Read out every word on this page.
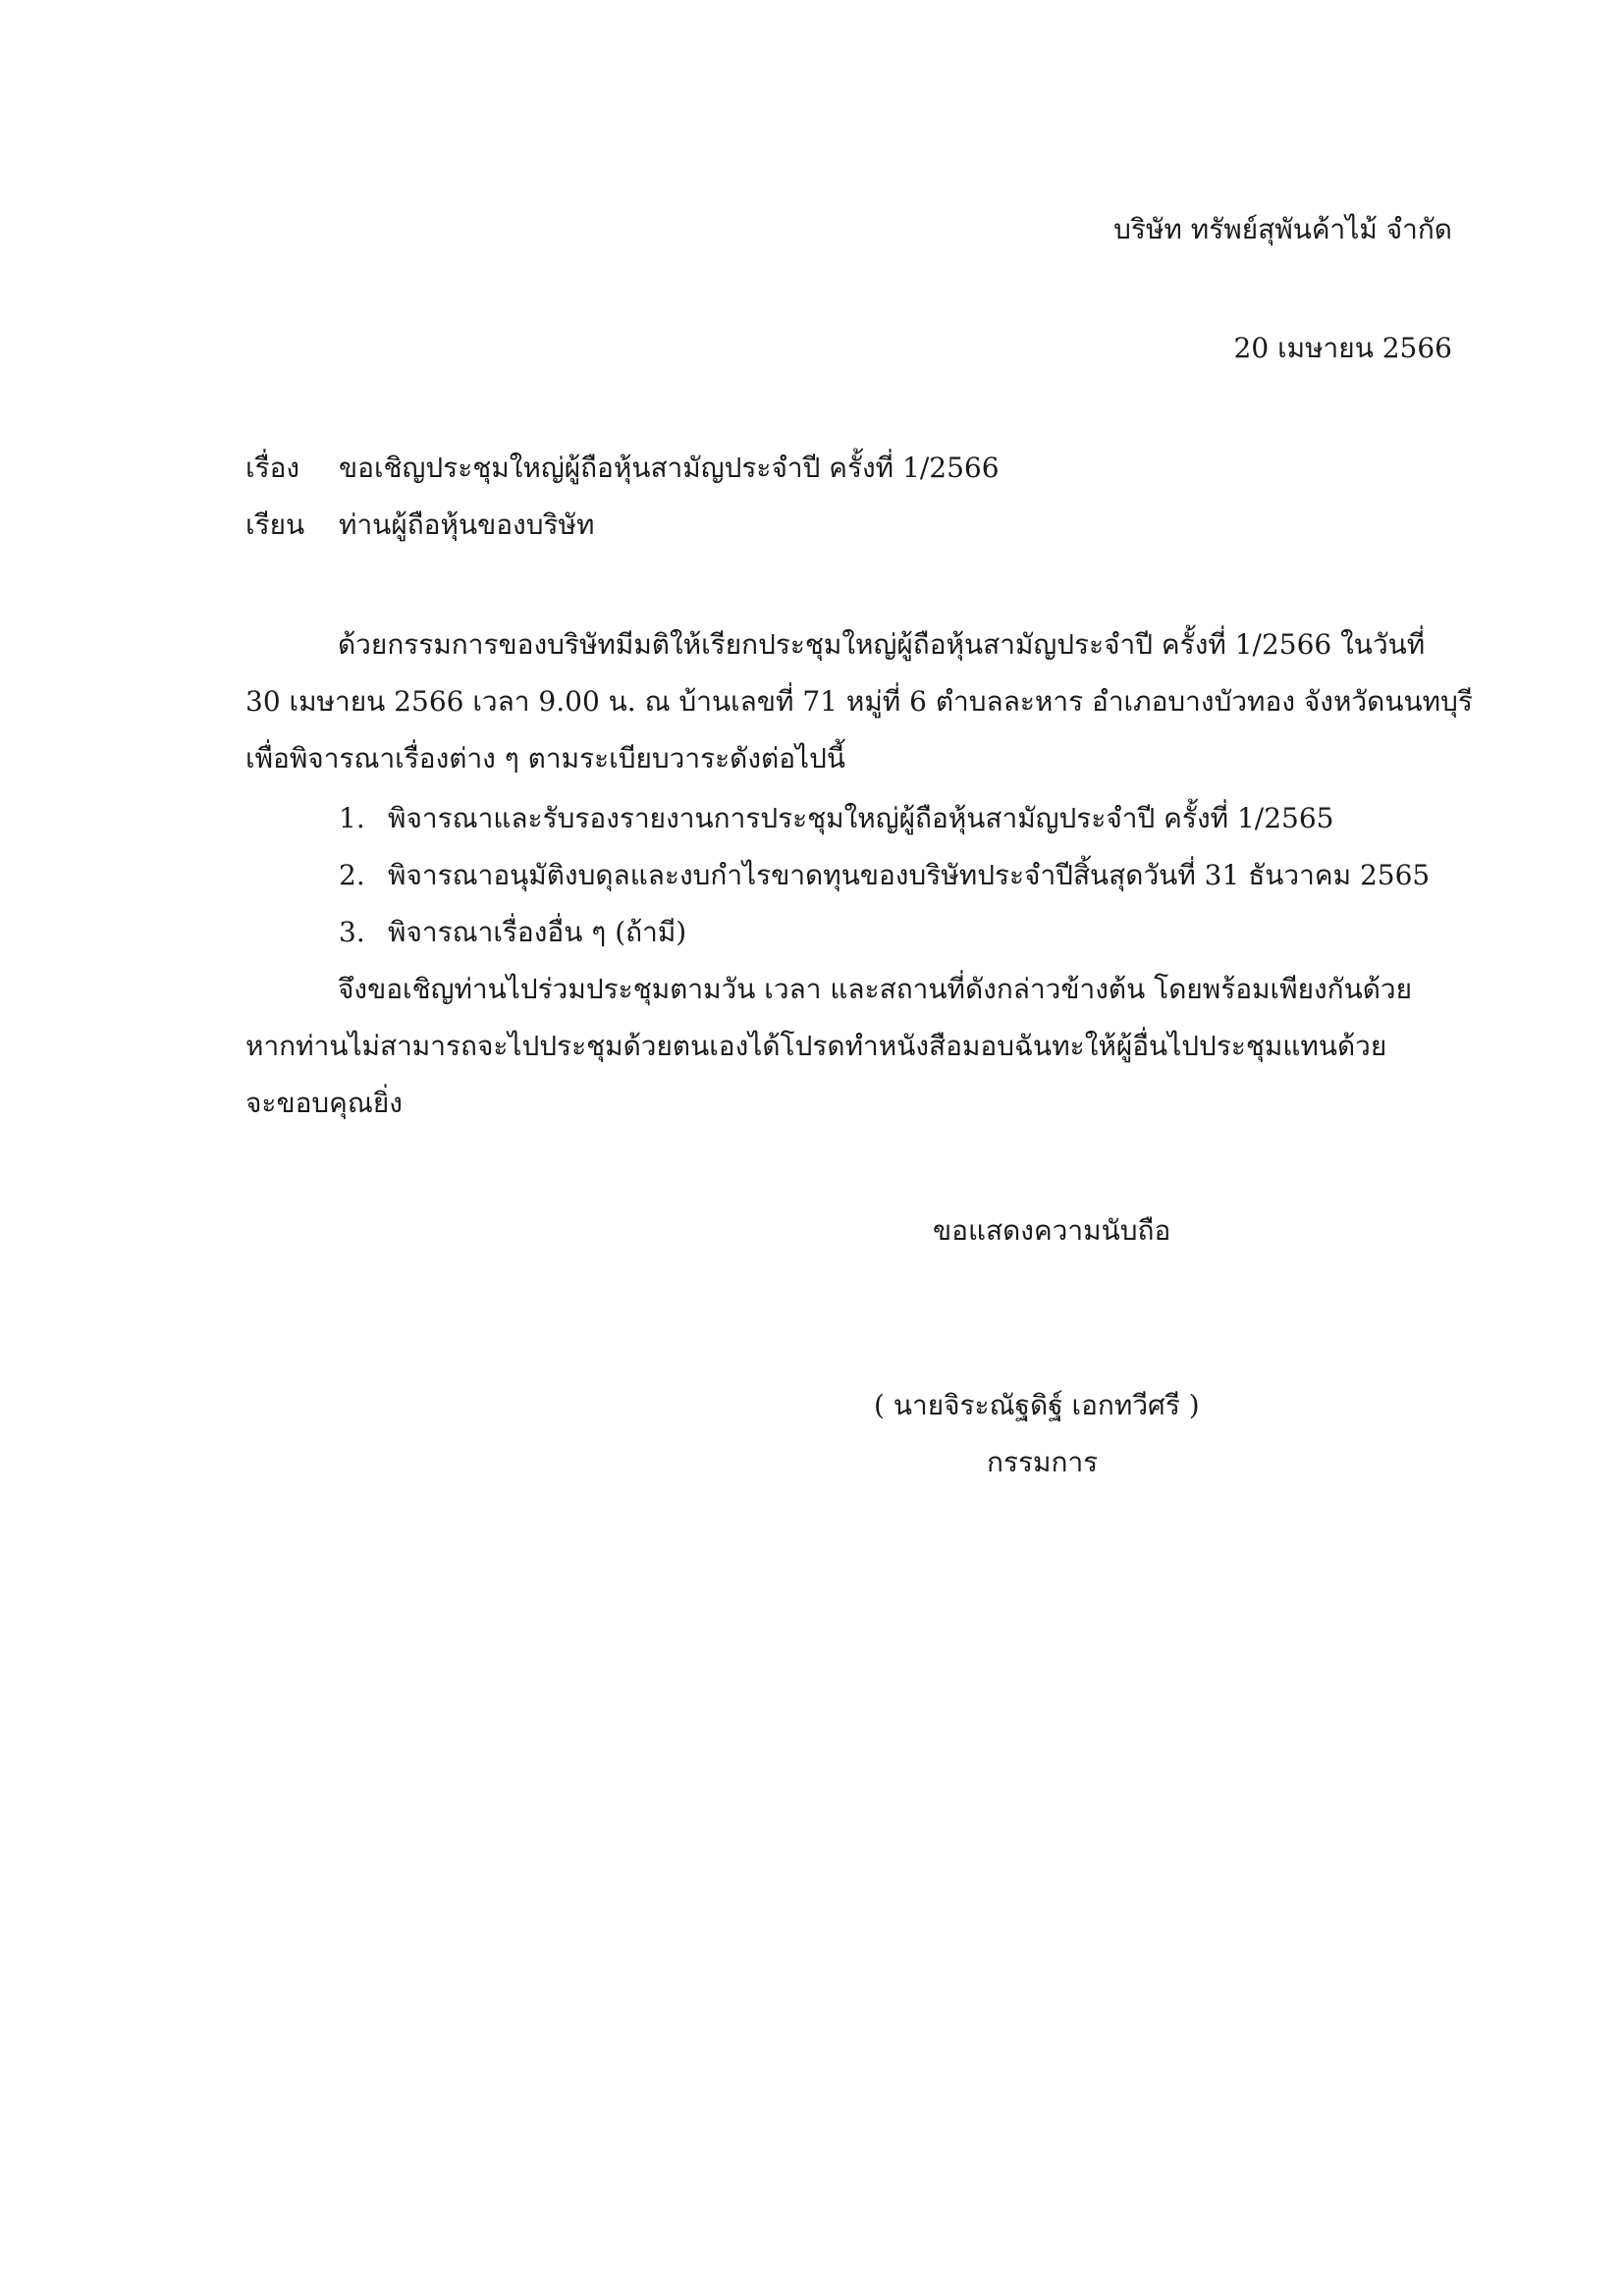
บริษัท ทรัพย์สุพันค้าไม้ จำกัด
20 เมษายน 2566
เรื่อง ขอเชิญประชุมใหญ่ผู้ถือหุ้นสามัญประจำปี ครั้งที่ 1/2566
เรียน ท่านผู้ถือหุ้นของบริษัท
ด้วยกรรมการของบริษัทมีมติให้เรียกประชุมใหญ่ผู้ถือหุ้นสามัญประจำปี ครั้งที่ 1/2566 ในวันที่
30 เมษายน 2566 เวลา 9.00 น. ณ บ้านเลขที่ 71 หมู่ที่ 6 ตำบลละหาร อำเภอบางบัวทอง จังหวัดนนทบุรี
เพื่อพิจารณาเรื่องต่าง ๆ ตามระเบียบวาระดังต่อไปนี้
1. พิจารณาและรับรองรายงานการประชุมใหญ่ผู้ถือหุ้นสามัญประจำปี ครั้งที่ 1/2565
2. พิจารณาอนุมัติงบดุลและงบกำไรขาดทุนของบริษัทประจำปีสิ้นสุดวันที่ 31 ธันวาคม 2565
3. พิจารณาเรื่องอื่น ๆ (ถ้ามี)
จึงขอเชิญท่านไปร่วมประชุมตามวัน เวลา และสถานที่ดังกล่าวข้างต้น โดยพร้อมเพียงกันด้วย
หากท่านไม่สามารถจะไปประชุมด้วยตนเองได้โปรดทำหนังสือมอบฉันทะให้ผู้อื่นไปประชุมแทนด้วย
จะขอบคุณยิ่ง
ขอแสดงความนับถือ
( นายจิระณัฐดิฐ์ เอกทวีศรี )
กรรมการ
